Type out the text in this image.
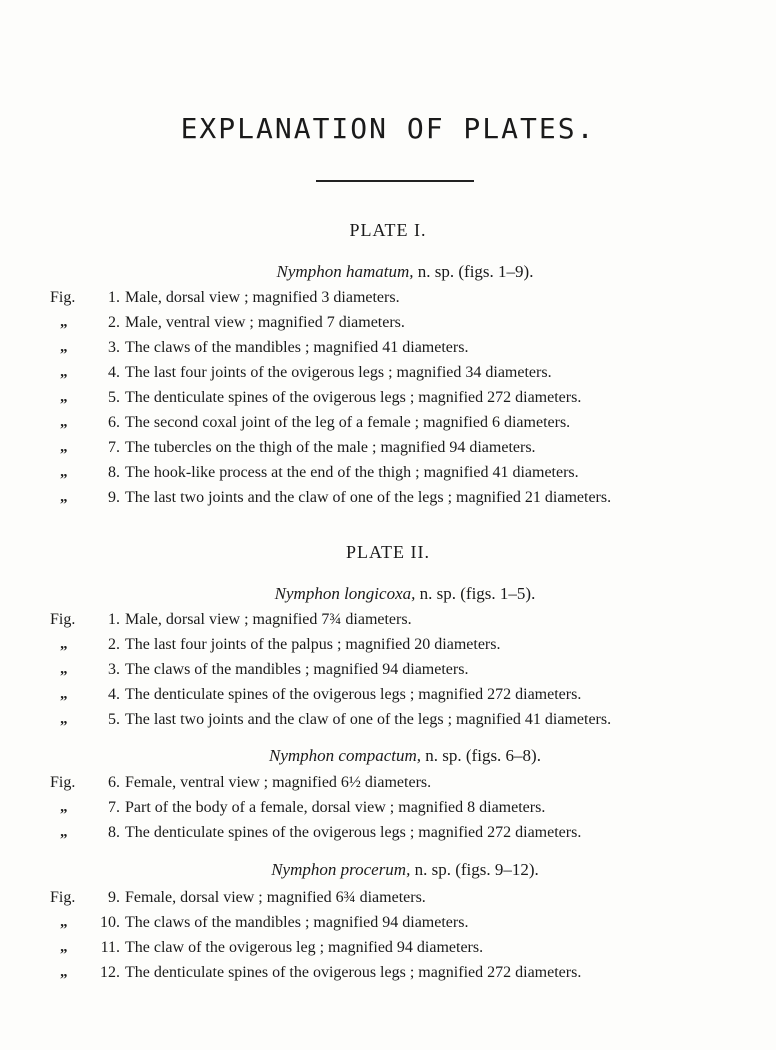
EXPLANATION OF PLATES.
PLATE I.
Nymphon hamatum, n. sp. (figs. 1–9).
Fig.	1. Male, dorsal view ; magnified 3 diameters.
„	2. Male, ventral view ; magnified 7 diameters.
„	3. The claws of the mandibles ; magnified 41 diameters.
„	4. The last four joints of the ovigerous legs ; magnified 34 diameters.
„	5. The denticulate spines of the ovigerous legs ; magnified 272 diameters.
„	6. The second coxal joint of the leg of a female ; magnified 6 diameters.
„	7. The tubercles on the thigh of the male ; magnified 94 diameters.
„	8. The hook-like process at the end of the thigh ; magnified 41 diameters.
„	9. The last two joints and the claw of one of the legs ; magnified 21 diameters.
PLATE II.
Nymphon longicoxa, n. sp. (figs. 1–5).
Fig.	1. Male, dorsal view ; magnified 7¾ diameters.
„	2. The last four joints of the palpus ; magnified 20 diameters.
„	3. The claws of the mandibles ; magnified 94 diameters.
„	4. The denticulate spines of the ovigerous legs ; magnified 272 diameters.
„	5. The last two joints and the claw of one of the legs ; magnified 41 diameters.
Nymphon compactum, n. sp. (figs. 6–8).
Fig.	6. Female, ventral view ; magnified 6½ diameters.
„	7. Part of the body of a female, dorsal view ; magnified 8 diameters.
„	8. The denticulate spines of the ovigerous legs ; magnified 272 diameters.
Nymphon procerum, n. sp. (figs. 9–12).
Fig.	9. Female, dorsal view ; magnified 6¾ diameters.
„	10. The claws of the mandibles ; magnified 94 diameters.
„	11. The claw of the ovigerous leg ; magnified 94 diameters.
„	12. The denticulate spines of the ovigerous legs ; magnified 272 diameters.
